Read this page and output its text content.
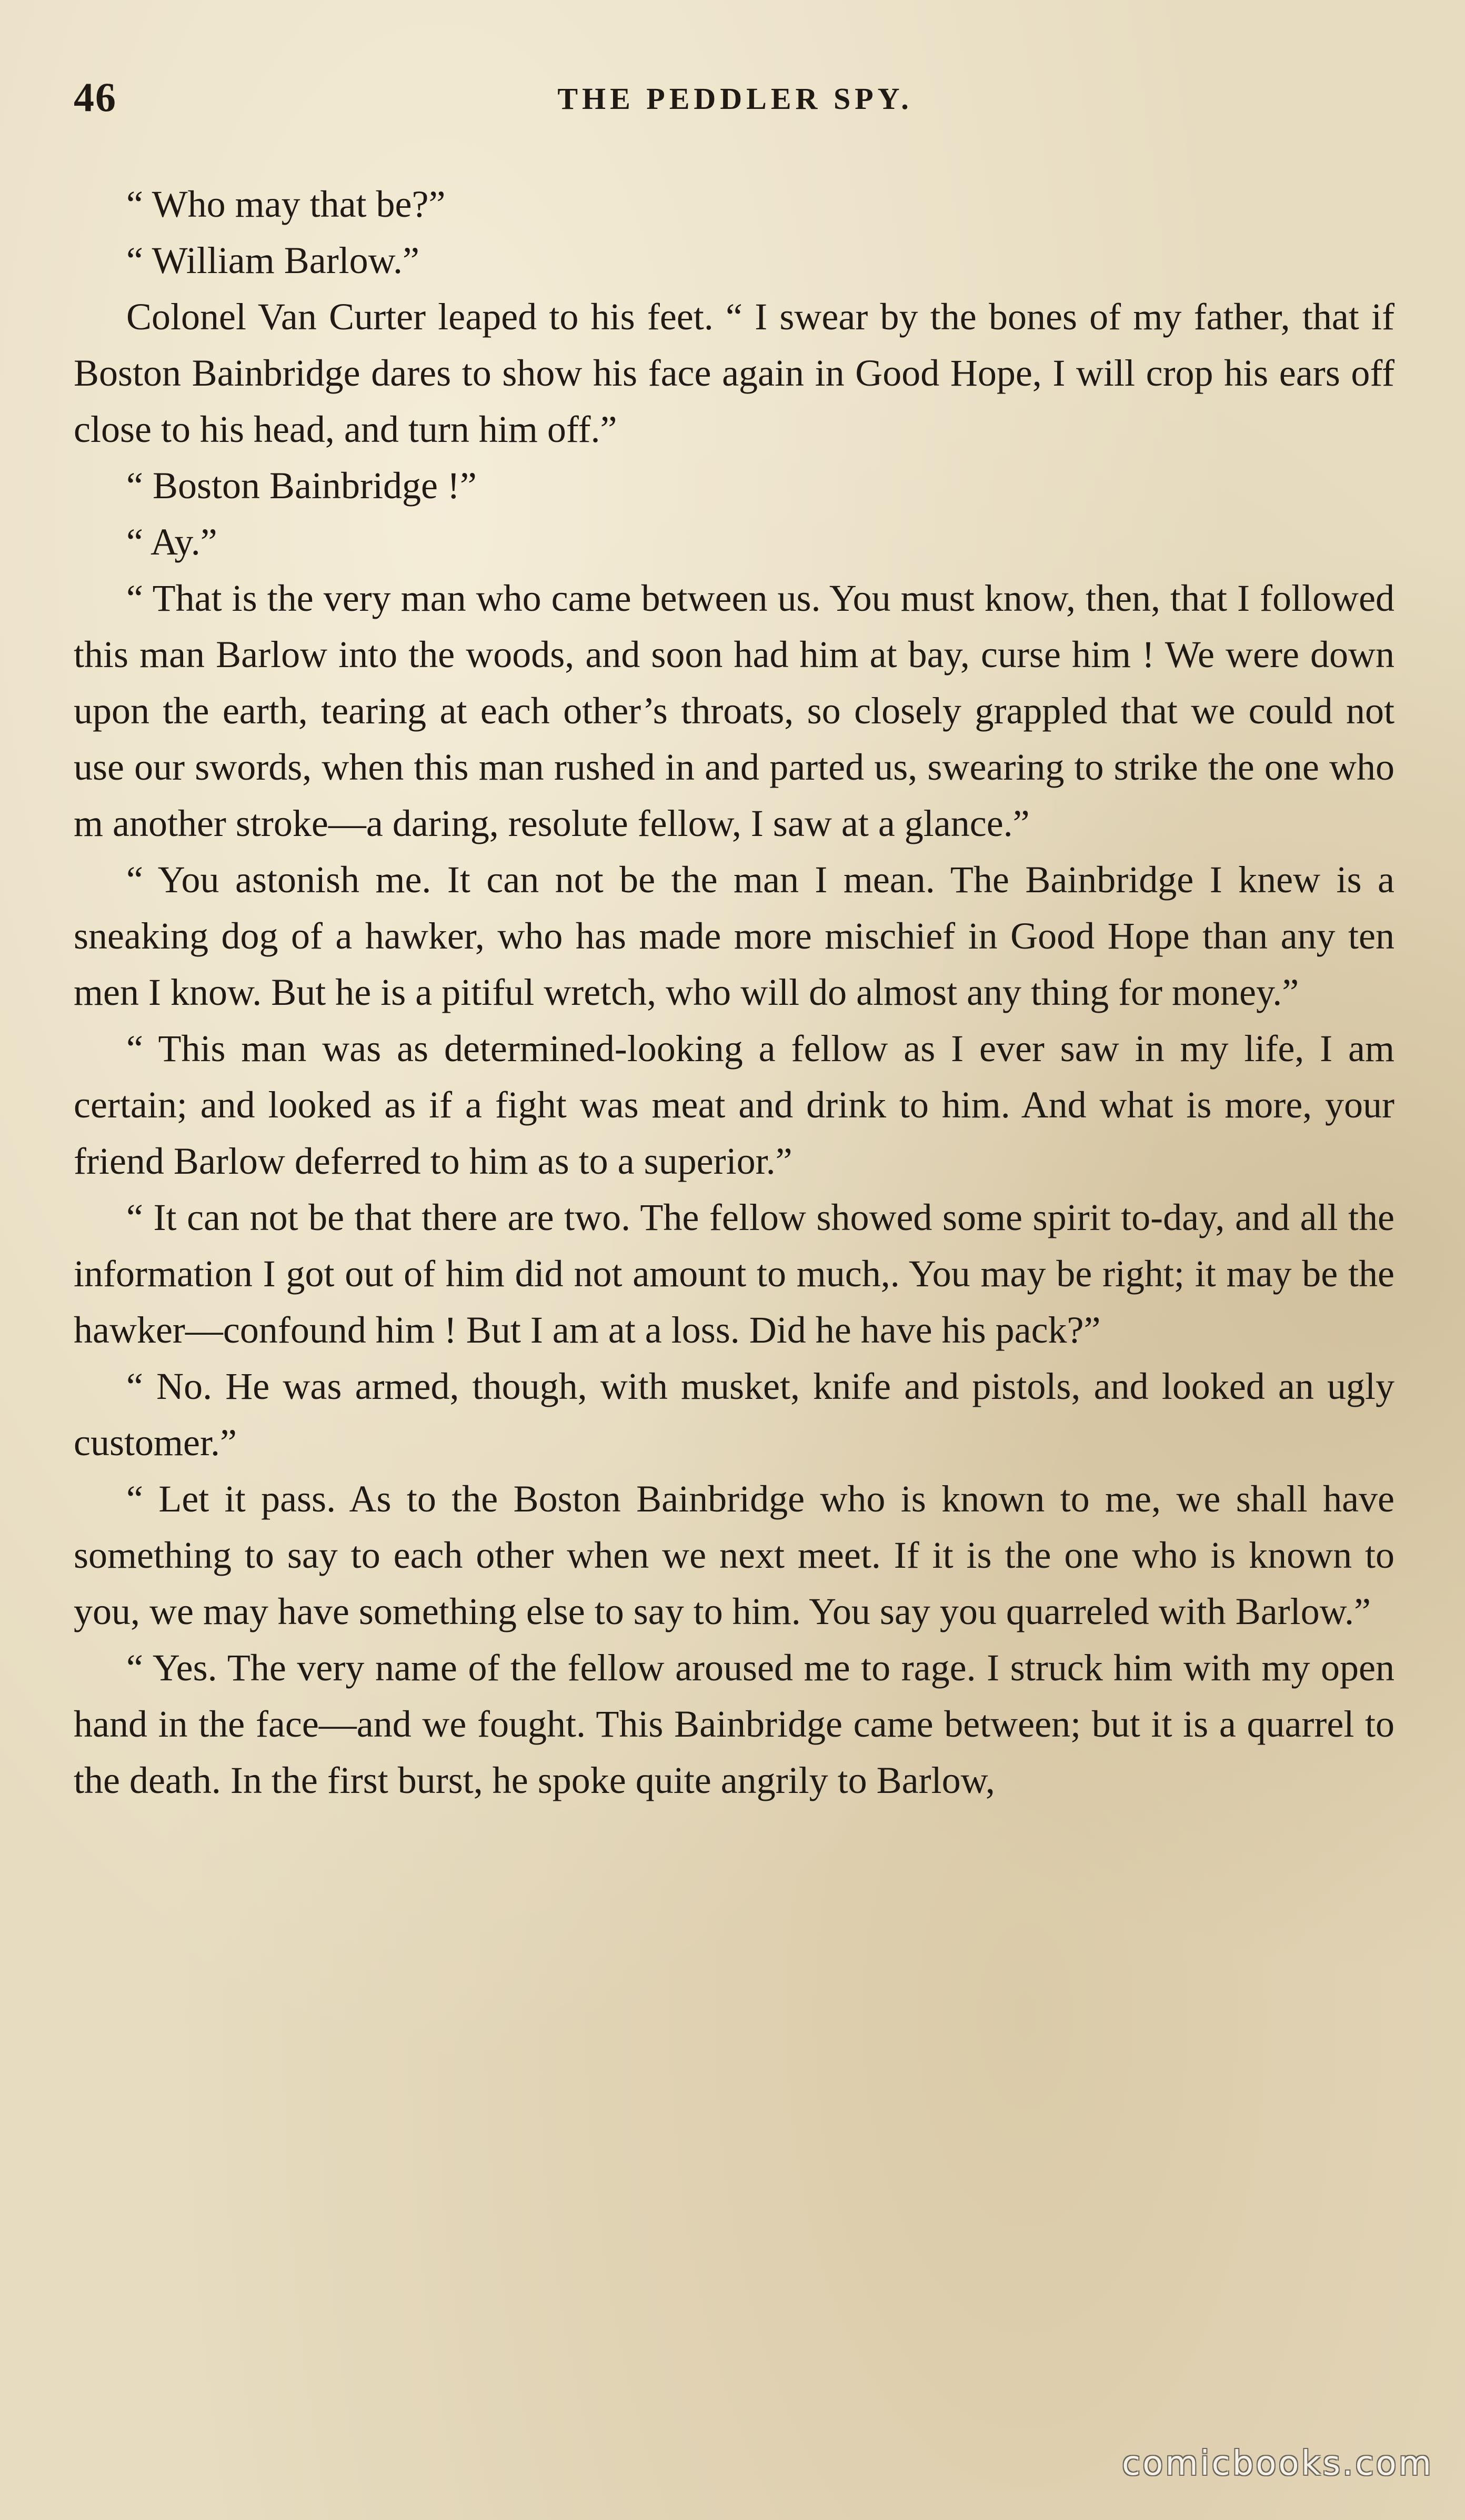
46	THE PEDDLER SPY.

“ Who may that be?”

“ William Barlow.”

Colonel Van Curter leaped to his feet. “ I swear by the bones of my father, that if Boston Bainbridge dares to show his face again in Good Hope, I will crop his ears off close to his head, and turn him off.”

“ Boston Bainbridge !”

“ Ay.”

“ That is the very man who came between us. You must know, then, that I followed this man Barlow into the woods, and soon had him at bay, curse him ! We were down upon the earth, tearing at each other’s throats, so closely grappled that we could not use our swords, when this man rushed in and parted us, swearing to strike the one who m another stroke—a daring, resolute fellow, I saw at a glance.”

“ You astonish me. It can not be the man I mean. The Bainbridge I knew is a sneaking dog of a hawker, who has made more mischief in Good Hope than any ten men I know. But he is a pitiful wretch, who will do almost any thing for money.”

“ This man was as determined-looking a fellow as I ever saw in my life, I am certain; and looked as if a fight was meat and drink to him. And what is more, your friend Barlow deferred to him as to a superior.”

“ It can not be that there are two. The fellow showed some spirit to-day, and all the information I got out of him did not amount to much,. You may be right; it may be the hawker—confound him ! But I am at a loss. Did he have his pack?”

“ No. He was armed, though, with musket, knife and pistols, and looked an ugly customer.”

“ Let it pass. As to the Boston Bainbridge who is known to me, we shall have something to say to each other when we next meet. If it is the one who is known to you, we may have something else to say to him. You say you quarreled with Barlow.”

“ Yes. The very name of the fellow aroused me to rage. I struck him with my open hand in the face—and we fought. This Bainbridge came between; but it is a quarrel to the death. In the first burst, he spoke quite angrily to Barlow,

comicbooks.com
